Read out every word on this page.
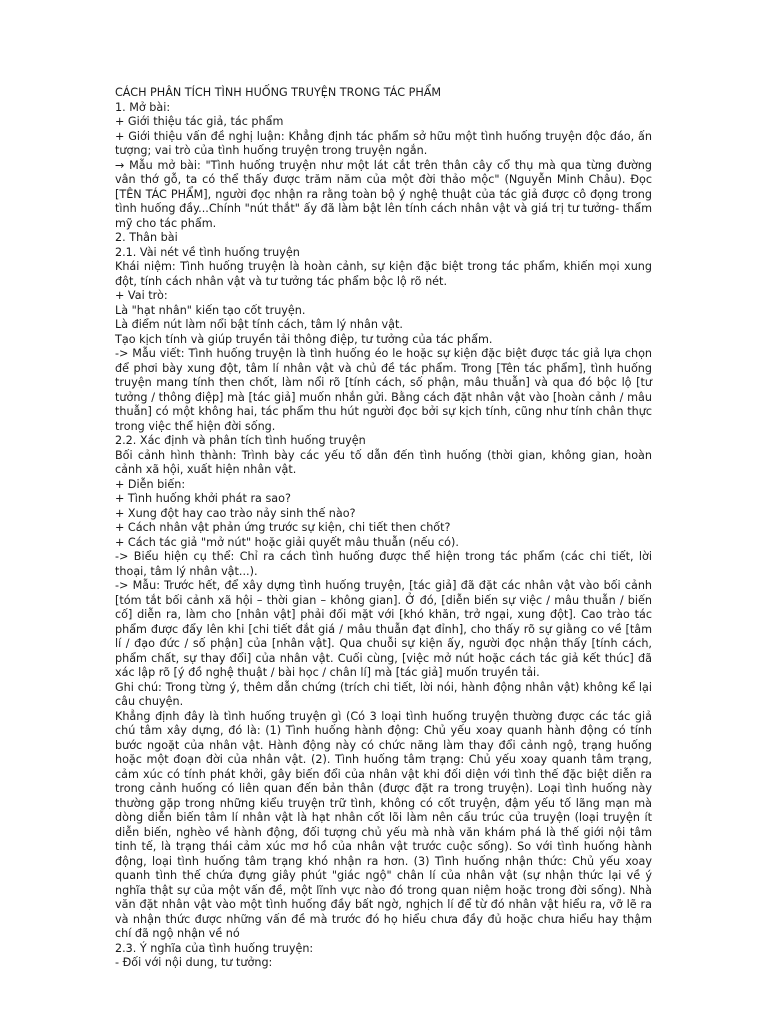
CÁCH PHÂN TÍCH TÌNH HUỐNG TRUYỆN TRONG TÁC PHẨM

1. Mở bài:

+ Giới thiệu tác giả, tác phẩm

+ Giới thiệu vấn đề nghị luận: Khẳng định tác phẩm sở hữu một tình huống truyện độc đáo, ấn tượng; vai trò của tình huống truyện trong truyện ngắn.

→ Mẫu mở bài: "Tình huống truyện như một lát cắt trên thân cây cổ thụ mà qua từng đường vân thớ gỗ, ta có thể thấy được trăm năm của một đời thảo mộc" (Nguyễn Minh Châu). Đọc [TÊN TÁC PHẨM], người đọc nhận ra rằng toàn bộ ý nghệ thuật của tác giả được cô đọng trong tình huống đầy...Chính "nút thắt" ấy đã làm bật lên tính cách nhân vật và giá trị tư tưởng- thẩm mỹ cho tác phẩm.

2. Thân bài

2.1. Vài nét về tình huống truyện

Khái niệm: Tình huống truyện là hoàn cảnh, sự kiện đặc biệt trong tác phẩm, khiến mọi xung đột, tính cách nhân vật và tư tưởng tác phẩm bộc lộ rõ nét.

+ Vai trò:

Là "hạt nhân" kiến tạo cốt truyện.

Là điểm nút làm nổi bật tính cách, tâm lý nhân vật.

Tạo kịch tính và giúp truyền tải thông điệp, tư tưởng của tác phẩm.

-> Mẫu viết: Tình huống truyện là tình huống éo le hoặc sự kiện đặc biệt được tác giả lựa chọn để phơi bày xung đột, tâm lí nhân vật và chủ đề tác phẩm. Trong [Tên tác phẩm], tình huống truyện mang tính then chốt, làm nổi rõ [tính cách, số phận, mâu thuẫn] và qua đó bộc lộ [tư tưởng / thông điệp] mà [tác giả] muốn nhắn gửi. Bằng cách đặt nhân vật vào [hoàn cảnh / mâu thuẫn] có một không hai, tác phẩm thu hút người đọc bởi sự kịch tính, cũng như tính chân thực trong việc thể hiện đời sống.

2.2. Xác định và phân tích tình huống truyện

Bối cảnh hình thành: Trình bày các yếu tố dẫn đến tình huống (thời gian, không gian, hoàn cảnh xã hội, xuất hiện nhân vật.

+ Diễn biến:

+ Tình huống khởi phát ra sao?

+ Xung đột hay cao trào nảy sinh thế nào?

+ Cách nhân vật phản ứng trước sự kiện, chi tiết then chốt?

+ Cách tác giả "mở nút" hoặc giải quyết mâu thuẫn (nếu có).

-> Biểu hiện cụ thể: Chỉ ra cách tình huống được thể hiện trong tác phẩm (các chi tiết, lời thoại, tâm lý nhân vật...).

-> Mẫu: Trước hết, để xây dựng tình huống truyện, [tác giả] đã đặt các nhân vật vào bối cảnh [tóm tắt bối cảnh xã hội – thời gian – không gian]. Ở đó, [diễn biến sự việc / mâu thuẫn / biến cố] diễn ra, làm cho [nhân vật] phải đối mặt với [khó khăn, trở ngại, xung đột]. Cao trào tác phẩm được đẩy lên khi [chi tiết đắt giá / mâu thuẫn đạt đỉnh], cho thấy rõ sự giằng co về [tâm lí / đạo đức / số phận] của [nhân vật]. Qua chuỗi sự kiện ấy, người đọc nhận thấy [tính cách, phẩm chất, sự thay đổi] của nhân vật. Cuối cùng, [việc mở nút hoặc cách tác giả kết thúc] đã xác lập rõ [ý đồ nghệ thuật / bài học / chân lí] mà [tác giả] muốn truyền tải.

Ghi chú: Trong từng ý, thêm dẫn chứng (trích chi tiết, lời nói, hành động nhân vật) không kể lại câu chuyện.

Khẳng định đây là tình huống truyện gì (Có 3 loại tình huống truyện thường được các tác giả chú tâm xây dựng, đó là: (1) Tình huống hành động: Chủ yếu xoay quanh hành động có tính bước ngoặt của nhân vật. Hành động này có chức năng làm thay đổi cảnh ngộ, trạng huống hoặc một đoạn đời của nhân vật. (2). Tình huống tâm trạng: Chủ yếu xoay quanh tâm trạng, cảm xúc có tính phát khởi, gây biến đổi của nhân vật khi đối diện với tình thế đặc biệt diễn ra trong cảnh huống có liên quan đến bản thân (được đặt ra trong truyện). Loại tình huống này thường gặp trong những kiểu truyện trữ tình, không có cốt truyện, đậm yếu tố lãng mạn mà dòng diễn biến tâm lí nhân vật là hạt nhân cốt lõi làm nên cấu trúc của truyện (loại truyện ít diễn biến, nghèo về hành động, đối tượng chủ yếu mà nhà văn khám phá là thế giới nội tâm tinh tế, là trạng thái cảm xúc mơ hồ của nhân vật trước cuộc sống). So với tình huống hành động, loại tình huống tâm trạng khó nhận ra hơn. (3) Tình huống nhận thức: Chủ yếu xoay quanh tình thế chứa đựng giây phút "giác ngộ" chân lí của nhân vật (sự nhận thức lại về ý nghĩa thật sự của một vấn đề, một lĩnh vực nào đó trong quan niệm hoặc trong đời sống). Nhà văn đặt nhân vật vào một tình huống đầy bất ngờ, nghịch lí để từ đó nhân vật hiểu ra, vỡ lẽ ra và nhận thức được những vấn đề mà trước đó họ hiểu chưa đầy đủ hoặc chưa hiểu hay thậm chí đã ngộ nhận về nó

2.3. Ý nghĩa của tình huống truyện:

- Đối với nội dung, tư tưởng:
